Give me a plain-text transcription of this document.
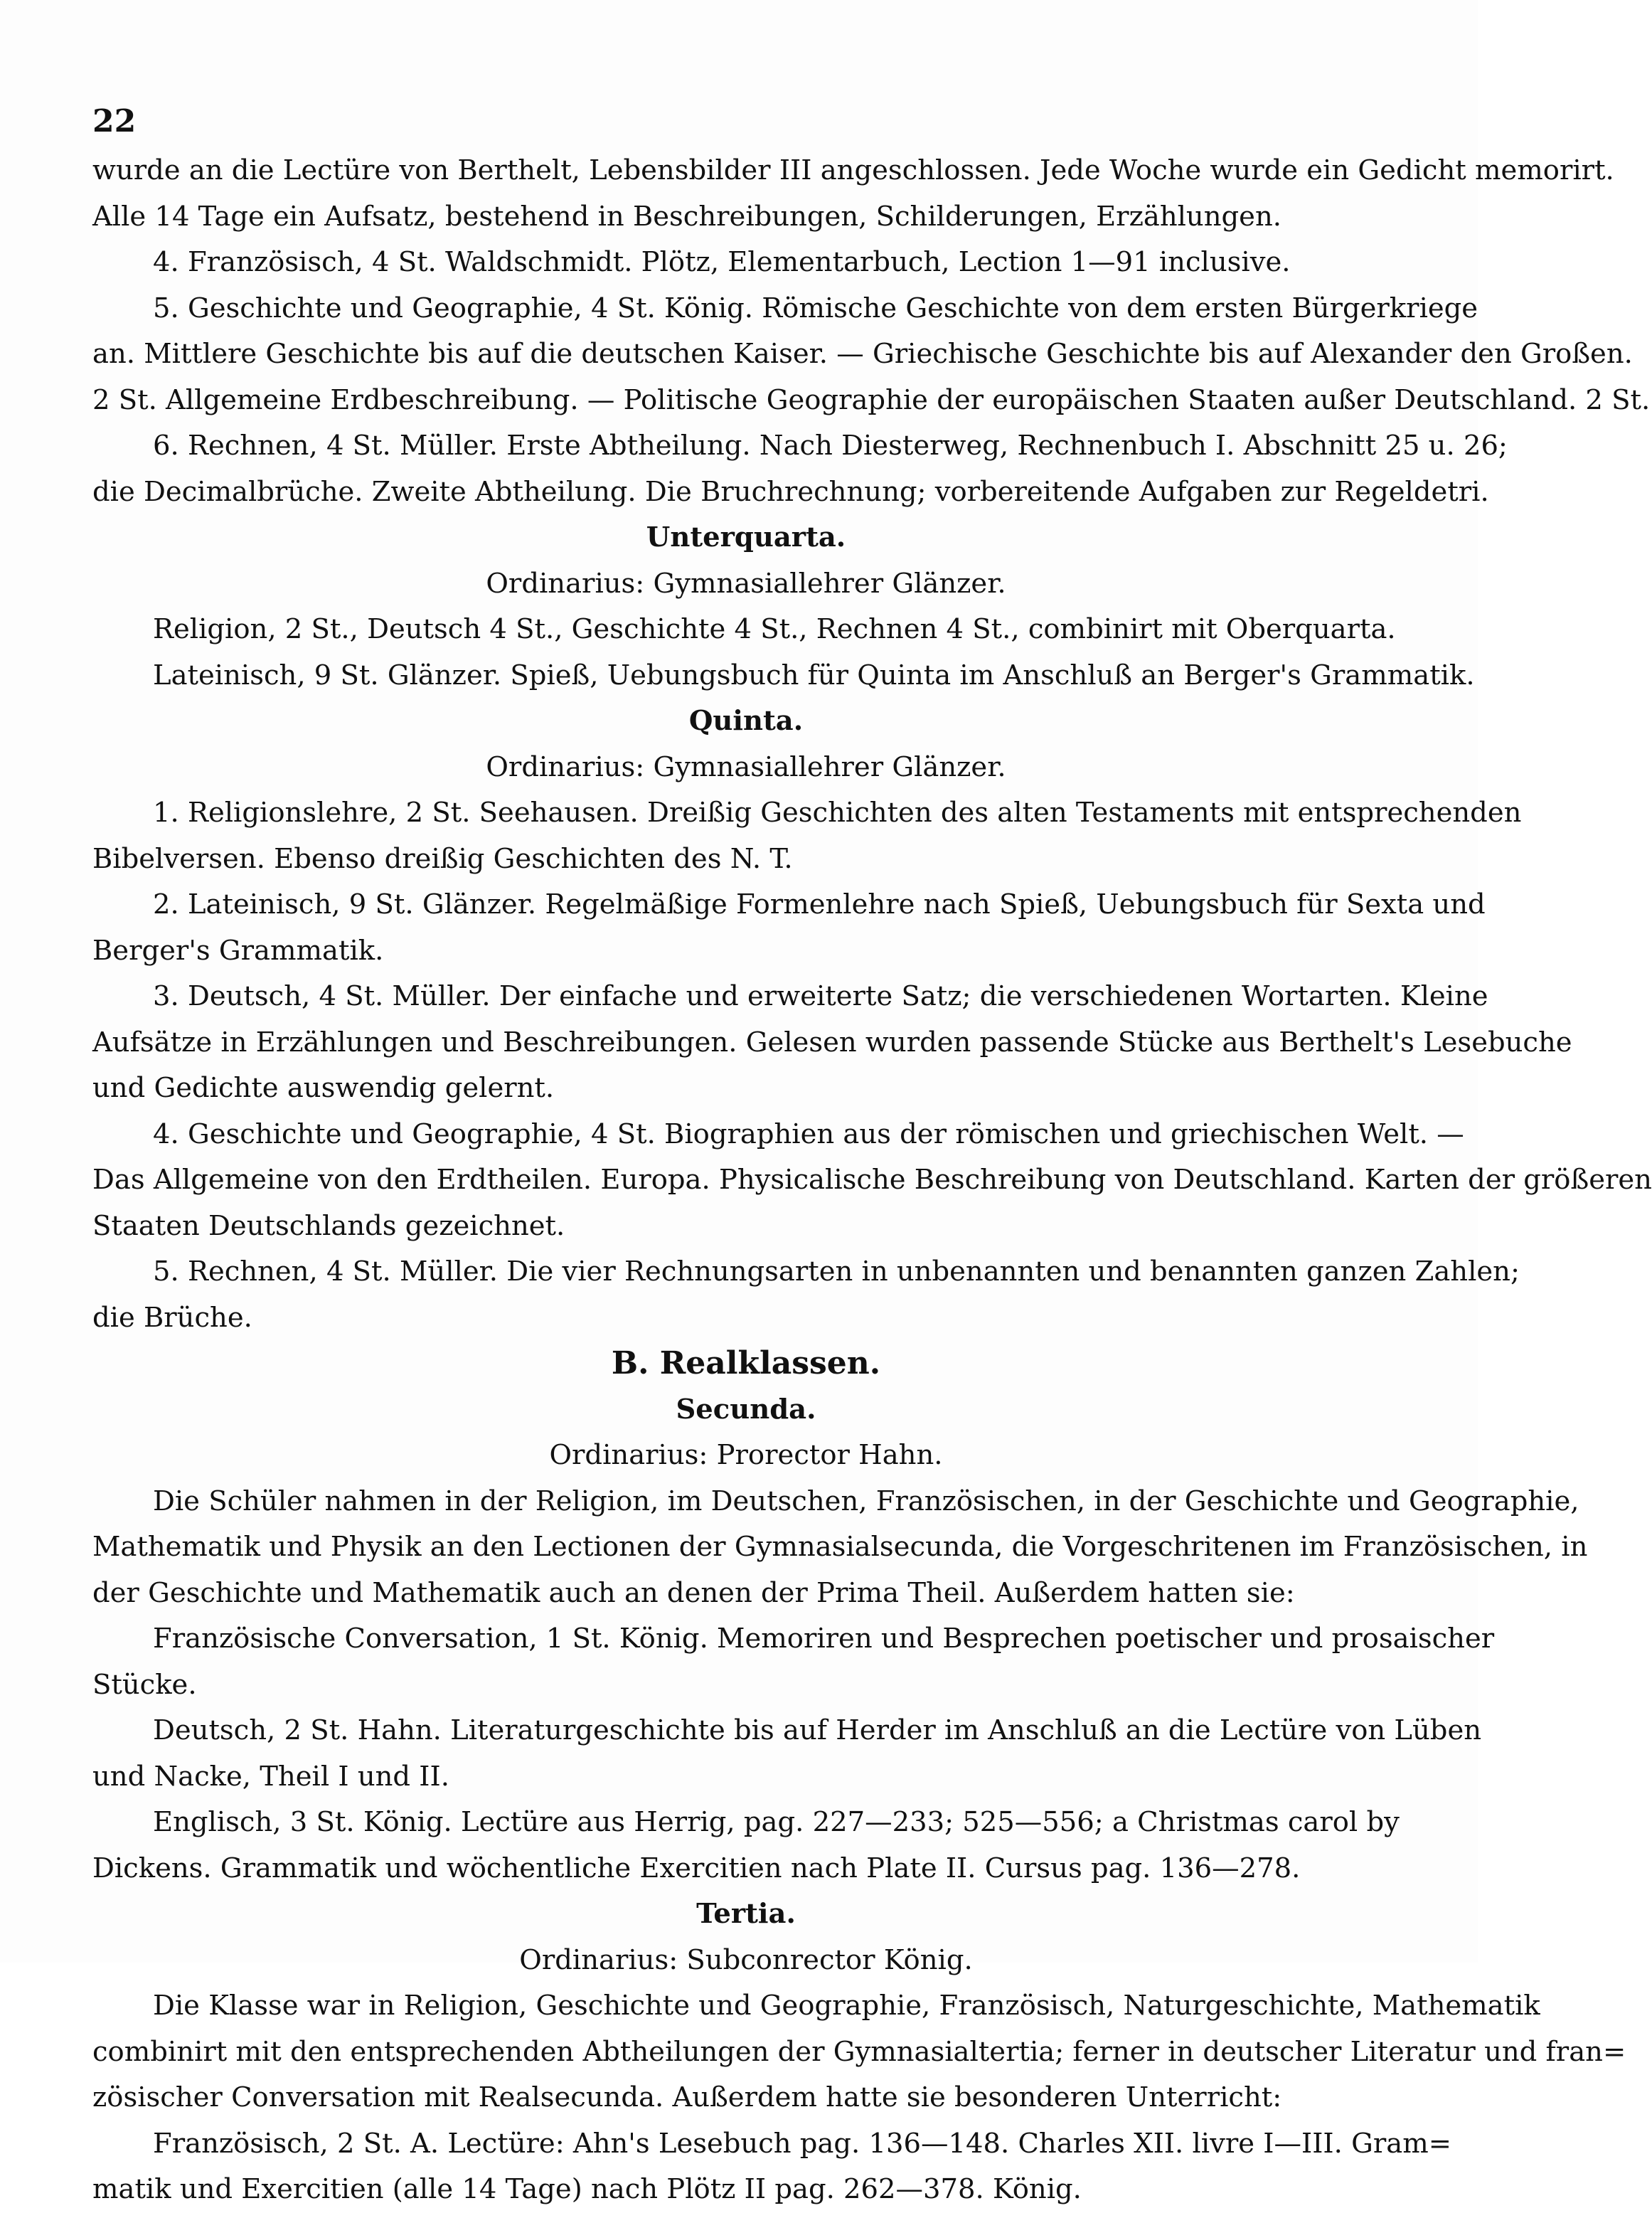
22

wurde an die Lectüre von Berthelt, Lebensbilder III angeschlossen. Jede Woche wurde ein Gedicht memorirt.

Alle 14 Tage ein Aufsatz, bestehend in Beschreibungen, Schilderungen, Erzählungen.

4. Französisch, 4 St. Waldschmidt. Plötz, Elementarbuch, Lection 1—91 inclusive.

5. Geschichte und Geographie, 4 St. König. Römische Geschichte von dem ersten Bürgerkriege

an. Mittlere Geschichte bis auf die deutschen Kaiser. — Griechische Geschichte bis auf Alexander den Großen.

2 St. Allgemeine Erdbeschreibung. — Politische Geographie der europäischen Staaten außer Deutschland. 2 St.

6. Rechnen, 4 St. Müller. Erste Abtheilung. Nach Diesterweg, Rechnenbuch I. Abschnitt 25 u. 26;

die Decimalbrüche. Zweite Abtheilung. Die Bruchrechnung; vorbereitende Aufgaben zur Regeldetri.

Unterquarta.

Ordinarius: Gymnasiallehrer Glänzer.

Religion, 2 St., Deutsch 4 St., Geschichte 4 St., Rechnen 4 St., combinirt mit Oberquarta.

Lateinisch, 9 St. Glänzer. Spieß, Uebungsbuch für Quinta im Anschluß an Berger's Grammatik.

Quinta.

Ordinarius: Gymnasiallehrer Glänzer.

1. Religionslehre, 2 St. Seehausen. Dreißig Geschichten des alten Testaments mit entsprechenden

Bibelversen. Ebenso dreißig Geschichten des N. T.

2. Lateinisch, 9 St. Glänzer. Regelmäßige Formenlehre nach Spieß, Uebungsbuch für Sexta und

Berger's Grammatik.

3. Deutsch, 4 St. Müller. Der einfache und erweiterte Satz; die verschiedenen Wortarten. Kleine

Aufsätze in Erzählungen und Beschreibungen. Gelesen wurden passende Stücke aus Berthelt's Lesebuche

und Gedichte auswendig gelernt.

4. Geschichte und Geographie, 4 St. Biographien aus der römischen und griechischen Welt. —

Das Allgemeine von den Erdtheilen. Europa. Physicalische Beschreibung von Deutschland. Karten der größeren

Staaten Deutschlands gezeichnet.

5. Rechnen, 4 St. Müller. Die vier Rechnungsarten in unbenannten und benannten ganzen Zahlen;

die Brüche.

B. Realklassen.

Secunda.

Ordinarius: Prorector Hahn.

Die Schüler nahmen in der Religion, im Deutschen, Französischen, in der Geschichte und Geographie,

Mathematik und Physik an den Lectionen der Gymnasialsecunda, die Vorgeschritenen im Französischen, in

der Geschichte und Mathematik auch an denen der Prima Theil. Außerdem hatten sie:

Französische Conversation, 1 St. König. Memoriren und Besprechen poetischer und prosaischer

Stücke.

Deutsch, 2 St. Hahn. Literaturgeschichte bis auf Herder im Anschluß an die Lectüre von Lüben

und Nacke, Theil I und II.

Englisch, 3 St. König. Lectüre aus Herrig, pag. 227—233; 525—556; a Christmas carol by

Dickens. Grammatik und wöchentliche Exercitien nach Plate II. Cursus pag. 136—278.

Tertia.

Ordinarius: Subconrector König.

Die Klasse war in Religion, Geschichte und Geographie, Französisch, Naturgeschichte, Mathematik

combinirt mit den entsprechenden Abtheilungen der Gymnasialtertia; ferner in deutscher Literatur und fran=

zösischer Conversation mit Realsecunda. Außerdem hatte sie besonderen Unterricht:

Französisch, 2 St. A. Lectüre: Ahn's Lesebuch pag. 136—148. Charles XII. livre I—III. Gram=

matik und Exercitien (alle 14 Tage) nach Plötz II pag. 262—378. König.
